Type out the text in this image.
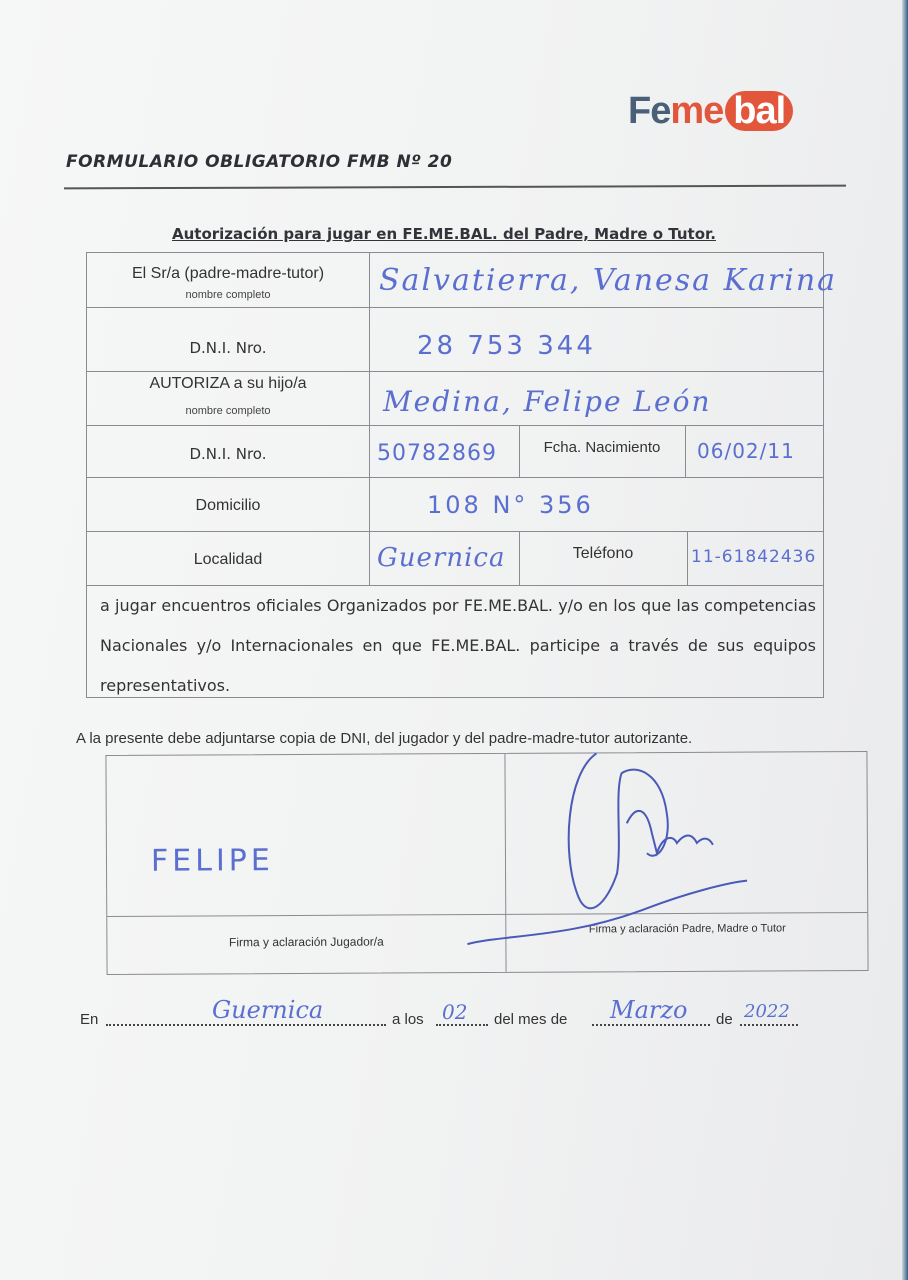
Fe me bal
FORMULARIO OBLIGATORIO FMB Nº 20
Autorización para jugar en FE.ME.BAL. del Padre, Madre o Tutor.
El Sr/a (padre-madre-tutor)
nombre completo	Salvatierra, Vanesa Karina
D.N.I. Nro.	28 753 344
AUTORIZA a su hijo/a
nombre completo	Medina, Felipe León
D.N.I. Nro.	50782869	Fcha. Nacimiento	06/02/11
Domicilio	108 N° 356
Localidad	Guernica	Teléfono	11-61842436
a jugar encuentros oficiales Organizados por FE.ME.BAL. y/o en los que las competencias Nacionales y/o Internacionales en que FE.ME.BAL. participe a través de sus equipos representativos.
A la presente debe adjuntarse copia de DNI, del jugador y del padre-madre-tutor autorizante.
FELIPE
Firma y aclaración Jugador/a
Firma y aclaración Padre, Madre o Tutor
En	Guernica	a los 02 del mes de Marzo de 2022
